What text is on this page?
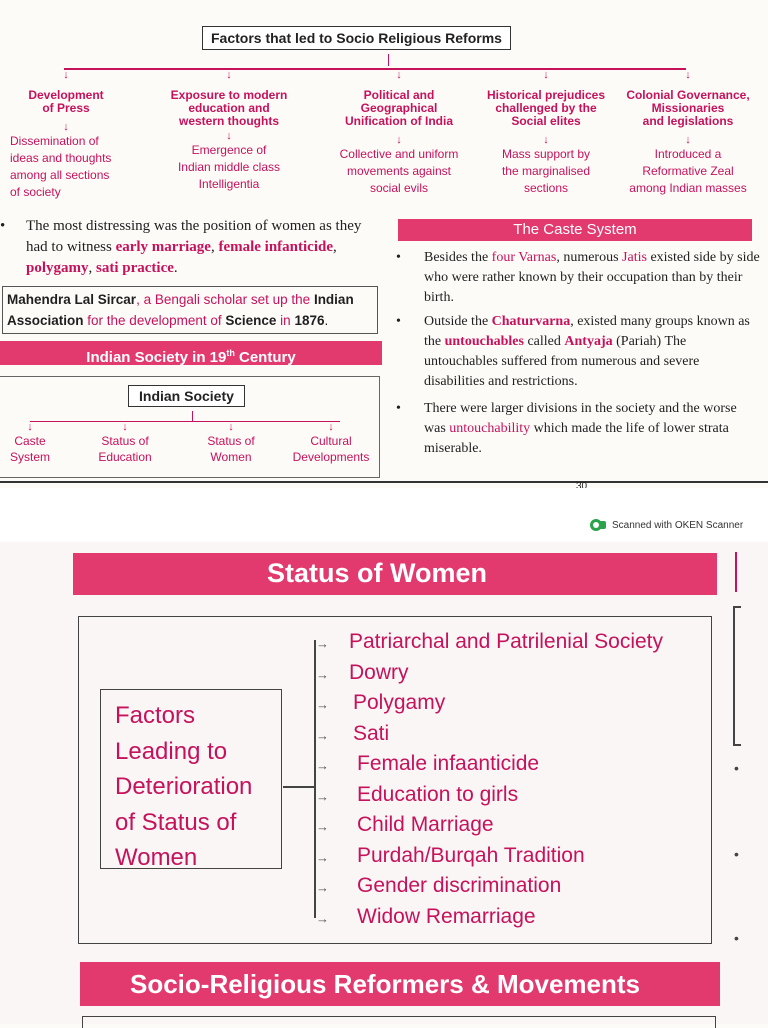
Factors that led to Socio Religious Reforms
↓
Development
of Press
↓
Dissemination of
ideas and thoughts
among all sections
of society
↓
Exposure to modern
education and
western thoughts
↓
Emergence of
Indian middle class
Intelligentia
↓
Political and
Geographical
Unification of India
↓
Collective and uniform
movements against
social evils
↓
Historical prejudices
challenged by the
Social elites
↓
Mass support by
the marginalised
sections
↓
Colonial Governance,
Missionaries
and legislations
↓
Introduced a
Reformative Zeal
among Indian masses
•	The most distressing was the position of women as they had to witness early marriage, female infanticide, polygamy, sati practice.
Mahendra Lal Sircar, a Bengali scholar set up the Indian Association for the development of Science in 1876.
Indian Society in 19th Century
Indian Society
↓
Caste
System
↓
Status of
Education
↓
Status of
Women
↓
Cultural
Developments
The Caste System
•	Besides the four Varnas, numerous Jatis existed side by side who were rather known by their occupation than by their birth.
•	Outside the Chaturvarna, existed many groups known as the untouchables called Antyaja (Pariah) The untouchables suffered from numerous and severe disabilities and restrictions.
•	There were larger divisions in the society and the worse was untouchability which made the life of lower strata miserable.
30
Scanned with OKEN Scanner
Status of Women
Factors
Leading to
Deterioration
of Status of
Women
→ Patriarchal and Patrilenial Society
→ Dowry
→ Polygamy
→ Sati
→ Female infaanticide
→ Education to girls
→ Child Marriage
→ Purdah/Burqah Tradition
→ Gender discrimination
→ Widow Remarriage
•
•
•
Socio-Religious Reformers & Movements
